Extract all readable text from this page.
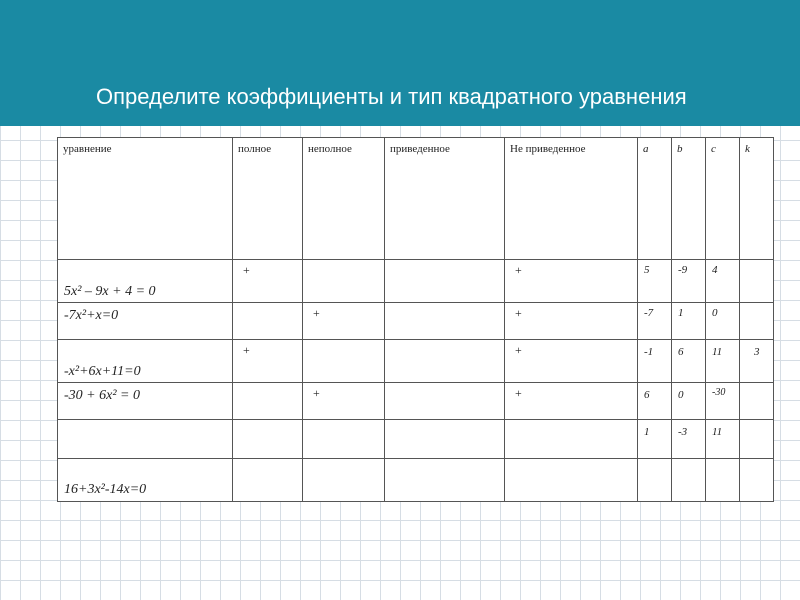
Определите коэффициенты и тип квадратного уравнения
уравнение	полное	неполное	приведенное	Не приведенное	a	b	c	k

5x² – 9x + 4 = 0	+			+	5	-9	4	

-7x²+x=0		+		+	-7	1	0	

-x²+6x+11=0	+			+	-1	6	11	3

-30 + 6x² = 0		+		+	6	0	-30	

					1	-3	11	

16+3x²-14x=0								
